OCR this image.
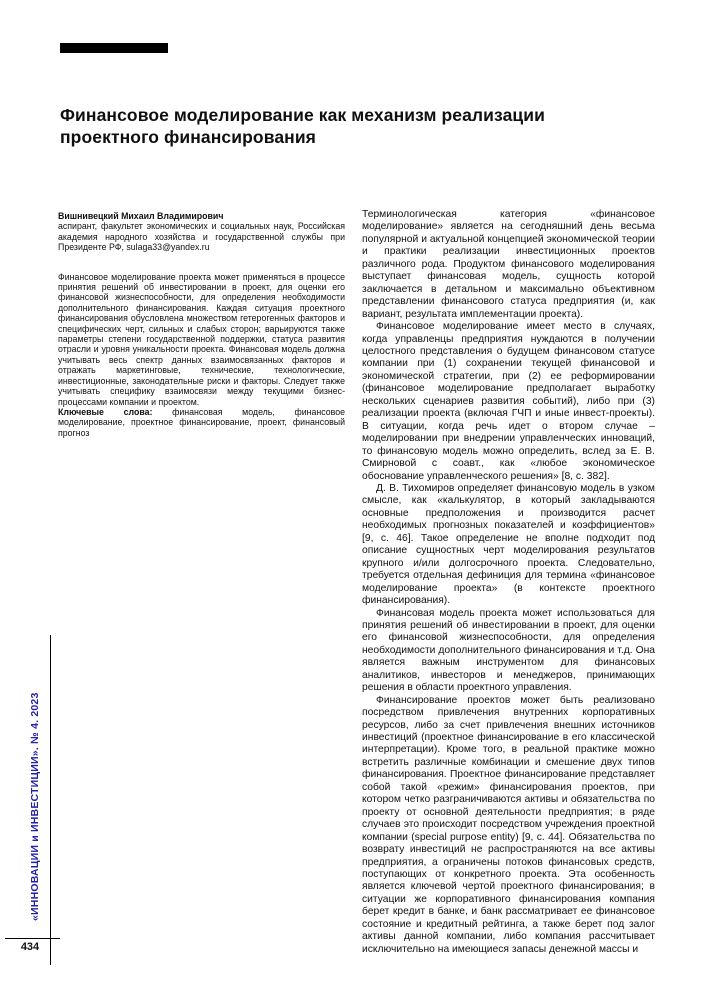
Финансовое моделирование как механизм реализации проектного финансирования
Вишнивецкий Михаил Владимирович
аспирант, факультет экономических и социальных наук, Российская академия народного хозяйства и государственной службы при Президенте РФ, sulaga33@yandex.ru
Финансовое моделирование проекта может применяться в процессе принятия решений об инвестировании в проект, для оценки его финансовой жизнеспособности, для определения необходимости дополнительного финансирования. Каждая ситуация проектного финансирования обусловлена множеством гетерогенных факторов и специфических черт, сильных и слабых сторон; варьируются также параметры степени государственной поддержки, статуса развития отрасли и уровня уникальности проекта. Финансовая модель должна учитывать весь спектр данных взаимосвязанных факторов и отражать маркетинговые, технические, технологические, инвестиционные, законодательные риски и факторы. Следует также учитывать специфику взаимосвязи между текущими бизнес-процессами компании и проектом.
Ключевые слова: финансовая модель, финансовое моделирование, проектное финансирование, проект, финансовый прогноз

Терминологическая категория «финансовое моделирование» является на сегодняшний день весьма популярной и актуальной концепцией экономической теории и практики реализации инвестиционных проектов различного рода. Продуктом финансового моделирования выступает финансовая модель, сущность которой заключается в детальном и максимально объективном представлении финансового статуса предприятия (и, как вариант, результата имплементации проекта).

Финансовое моделирование имеет место в случаях, когда управленцы предприятия нуждаются в получении целостного представления о будущем финансовом статусе компании при (1) сохранении текущей финансовой и экономической стратегии, при (2) ее реформировании (финансовое моделирование предполагает выработку нескольких сценариев развития событий), либо при (3) реализации проекта (включая ГЧП и иные инвест-проекты). В ситуации, когда речь идет о втором случае – моделировании при внедрении управленческих инноваций, то финансовую модель можно определить, вслед за Е. В. Смирновой с соавт., как «любое экономическое обоснование управленческого решения» [8, с. 382].

Д. В. Тихомиров определяет финансовую модель в узком смысле, как «калькулятор, в который закладываются основные предположения и производится расчет необходимых прогнозных показателей и коэффициентов» [9, с. 46]. Такое определение не вполне подходит под описание сущностных черт моделирования результатов крупного и/или долгосрочного проекта. Следовательно, требуется отдельная дефиниция для термина «финансовое моделирование проекта» (в контексте проектного финансирования).

Финансовая модель проекта может использоваться для принятия решений об инвестировании в проект, для оценки его финансовой жизнеспособности, для определения необходимости дополнительного финансирования и т.д. Она является важным инструментом для финансовых аналитиков, инвесторов и менеджеров, принимающих решения в области проектного управления.

Финансирование проектов может быть реализовано посредством привлечения внутренних корпоративных ресурсов, либо за счет привлечения внешних источников инвестиций (проектное финансирование в его классической интерпретации). Кроме того, в реальной практике можно встретить различные комбинации и смешение двух типов финансирования. Проектное финансирование представляет собой такой «режим» финансирования проектов, при котором четко разграничиваются активы и обязательства по проекту от основной деятельности предприятия; в ряде случаев это происходит посредством учреждения проектной компании (special purpose entity) [9, с. 44]. Обязательства по возврату инвестиций не распространяются на все активы предприятия, а ограничены потоков финансовых средств, поступающих от конкретного проекта. Эта особенность является ключевой чертой проектного финансирования; в ситуации же корпоративного финансирования компания берет кредит в банке, и банк рассматривает ее финансовое состояние и кредитный рейтинга, а также берет под залог активы данной компании, либо компания рассчитывает исключительно на имеющиеся запасы денежной массы и

«ИННОВАЦИИ и ИНВЕСТИЦИИ». № 4. 2023
434
